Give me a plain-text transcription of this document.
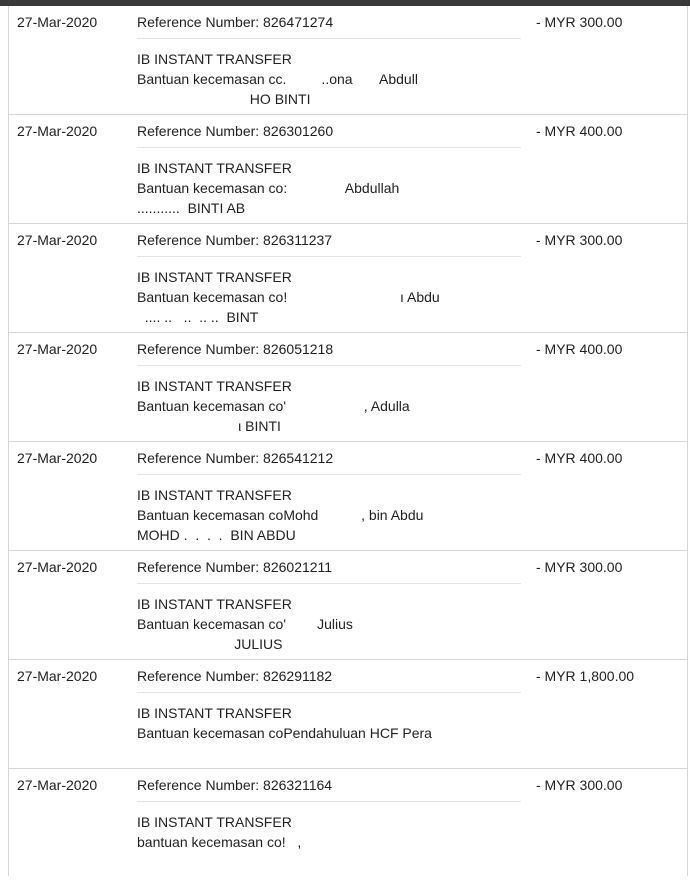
27-Mar-2020	Reference Number: 826471274
IB INSTANT TRANSFER
Bantuan kecemasan cc.         ..ona       Abdull
HO BINTI
- MYR 300.00
27-Mar-2020	Reference Number: 826301260
IB INSTANT TRANSFER
Bantuan kecemasan co:               Abdullah
...........  BINTI AB
- MYR 400.00
27-Mar-2020	Reference Number: 826311237
IB INSTANT TRANSFER
Bantuan kecemasan co!                             ı Abdu
.... ..   ..  .. ..  BINT
- MYR 300.00
27-Mar-2020	Reference Number: 826051218
IB INSTANT TRANSFER
Bantuan kecemasan co'                    , Adulla
ι BINTI
- MYR 400.00
27-Mar-2020	Reference Number: 826541212
IB INSTANT TRANSFER
Bantuan kecemasan coMohd           , bin Abdu
MOHD .  .  .  .  BIN ABDU
- MYR 400.00
27-Mar-2020	Reference Number: 826021211
IB INSTANT TRANSFER
Bantuan kecemasan co'        Julius
JULIUS
- MYR 300.00
27-Mar-2020	Reference Number: 826291182
IB INSTANT TRANSFER
Bantuan kecemasan coPendahuluan HCF Pera
- MYR 1,800.00
27-Mar-2020	Reference Number: 826321164
IB INSTANT TRANSFER
bantuan kecemasan co!   ,
- MYR 300.00
